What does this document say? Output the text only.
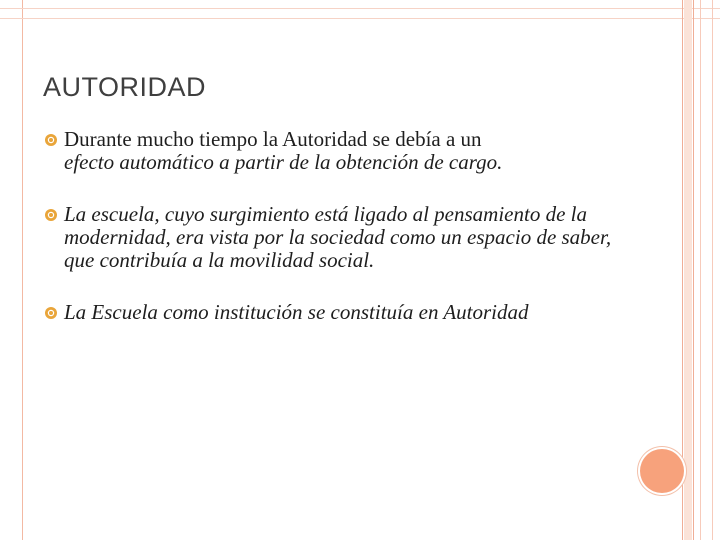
AUTORIDAD
Durante mucho tiempo la Autoridad se debía a un
efecto automático a partir de la obtención de cargo.
La escuela, cuyo surgimiento está ligado al pensamiento de la modernidad, era vista por la sociedad como un espacio de saber, que contribuía a la movilidad social.
La Escuela como institución se constituía en Autoridad
